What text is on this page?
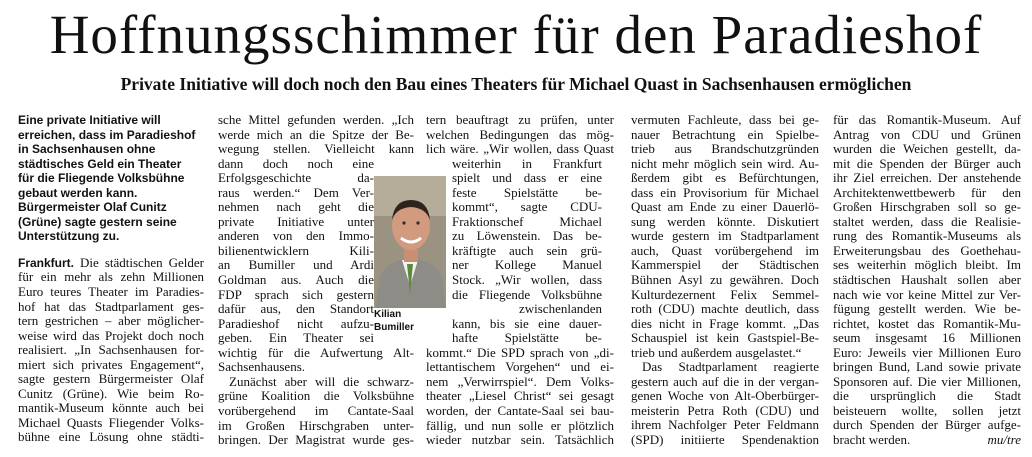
Hoffnungsschimmer für den Paradieshof
Private Initiative will doch noch den Bau eines Theaters für Michael Quast in Sachsenhausen ermöglichen
Eine private Initiative will
erreichen, dass im Paradieshof
in Sachsenhausen ohne
städtisches Geld ein Theater
für die Fliegende Volksbühne
gebaut werden kann.
Bürgermeister Olaf Cunitz
(Grüne) sagte gestern seine
Unterstützung zu.
Frankfurt. Die städtischen Gelder
für ein mehr als zehn Millionen
Euro teures Theater im Paradies-
hof hat das Stadtparlament ges-
tern gestrichen – aber möglicher-
weise wird das Projekt doch noch
realisiert. „In Sachsenhausen for-
miert sich privates Engagement“,
sagte gestern Bürgermeister Olaf
Cunitz (Grüne). Wie beim Ro-
mantik-Museum könnte auch bei
Michael Quasts Fliegender Volks-
bühne eine Lösung ohne städti-
sche Mittel gefunden werden. „Ich
werde mich an die Spitze der Be-
wegung stellen. Vielleicht kann
dann doch noch eine
Erfolgsgeschichte da-
raus werden.“ Dem Ver-
nehmen nach geht die
private Initiative unter
anderen von den Immo-
bilienentwicklern Kili-
an Bumiller und Ardi
Goldman aus. Auch die
FDP sprach sich gestern
dafür aus, den Standort
Paradieshof nicht aufzu-
geben. Ein Theater sei
wichtig für die Aufwertung Alt-
Sachsenhausens.
Zunächst aber will die schwarz-
grüne Koalition die Volksbühne
vorübergehend im Cantate-Saal
im Großen Hirschgraben unter-
bringen. Der Magistrat wurde ges-
Kilian
Bumiller
tern beauftragt zu prüfen, unter
welchen Bedingungen das mög-
lich wäre. „Wir wollen, dass Quast
weiterhin in Frankfurt
spielt und dass er eine
feste Spielstätte be-
kommt“, sagte CDU-
Fraktionschef Michael
zu Löwenstein. Das be-
kräftigte auch sein grü-
ner Kollege Manuel
Stock. „Wir wollen, dass
die Fliegende Volksbühne
zwischenlanden
kann, bis sie eine dauer-
hafte Spielstätte be-
kommt.“ Die SPD sprach von „di-
lettantischem Vorgehen“ und ei-
nem „Verwirrspiel“. Dem Volks-
theater „Liesel Christ“ sei gesagt
worden, der Cantate-Saal sei bau-
fällig, und nun solle er plötzlich
wieder nutzbar sein. Tatsächlich
vermuten Fachleute, dass bei ge-
nauer Betrachtung ein Spielbe-
trieb aus Brandschutzgründen
nicht mehr möglich sein wird. Au-
ßerdem gibt es Befürchtungen,
dass ein Provisorium für Michael
Quast am Ende zu einer Dauerlö-
sung werden könnte. Diskutiert
wurde gestern im Stadtparlament
auch, Quast vorübergehend im
Kammerspiel der Städtischen
Bühnen Asyl zu gewähren. Doch
Kulturdezernent Felix Semmel-
roth (CDU) machte deutlich, dass
dies nicht in Frage kommt. „Das
Schauspiel ist kein Gastspiel-Be-
trieb und außerdem ausgelastet.“
Das Stadtparlament reagierte
gestern auch auf die in der vergan-
genen Woche von Alt-Oberbürger-
meisterin Petra Roth (CDU) und
ihrem Nachfolger Peter Feldmann
(SPD) initiierte Spendenaktion
für das Romantik-Museum. Auf
Antrag von CDU und Grünen
wurden die Weichen gestellt, da-
mit die Spenden der Bürger auch
ihr Ziel erreichen. Der anstehende
Architektenwettbewerb für den
Großen Hirschgraben soll so ge-
staltet werden, dass die Realisie-
rung des Romantik-Museums als
Erweiterungsbau des Goethehau-
ses weiterhin möglich bleibt. Im
städtischen Haushalt sollen aber
nach wie vor keine Mittel zur Ver-
fügung gestellt werden. Wie be-
richtet, kostet das Romantik-Mu-
seum insgesamt 16 Millionen
Euro: Jeweils vier Millionen Euro
bringen Bund, Land sowie private
Sponsoren auf. Die vier Millionen,
die ursprünglich die Stadt
beisteuern wollte, sollen jetzt
durch Spenden der Bürger aufge-
bracht werden.	mu/tre
